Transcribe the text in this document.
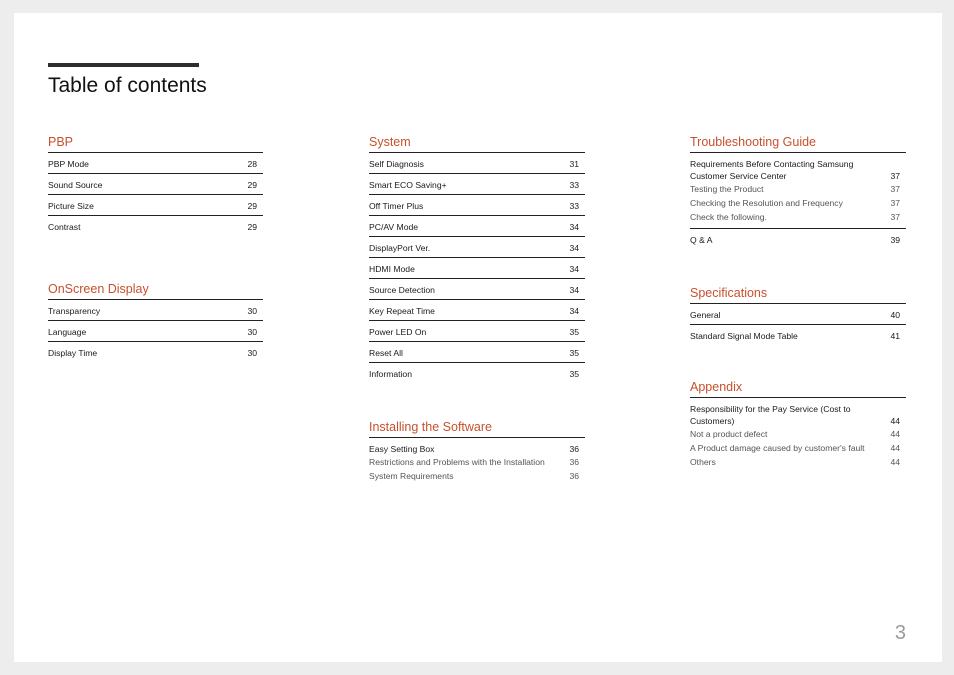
Table of contents
PBP
PBP Mode	28
Sound Source	29
Picture Size	29
Contrast	29
OnScreen Display
Transparency	30
Language	30
Display Time	30
System
Self Diagnosis	31
Smart ECO Saving+	33
Off Timer Plus	33
PC/AV Mode	34
DisplayPort Ver.	34
HDMI Mode	34
Source Detection	34
Key Repeat Time	34
Power LED On	35
Reset All	35
Information	35
Installing the Software
Easy Setting Box	36
Restrictions and Problems with the Installation	36
System Requirements	36
Troubleshooting Guide
Requirements Before Contacting Samsung Customer Service Center	37
Testing the Product	37
Checking the Resolution and Frequency	37
Check the following.	37
Q & A	39
Specifications
General	40
Standard Signal Mode Table	41
Appendix
Responsibility for the Pay Service (Cost to Customers)	44
Not a product defect	44
A Product damage caused by customer's fault	44
Others	44
3
